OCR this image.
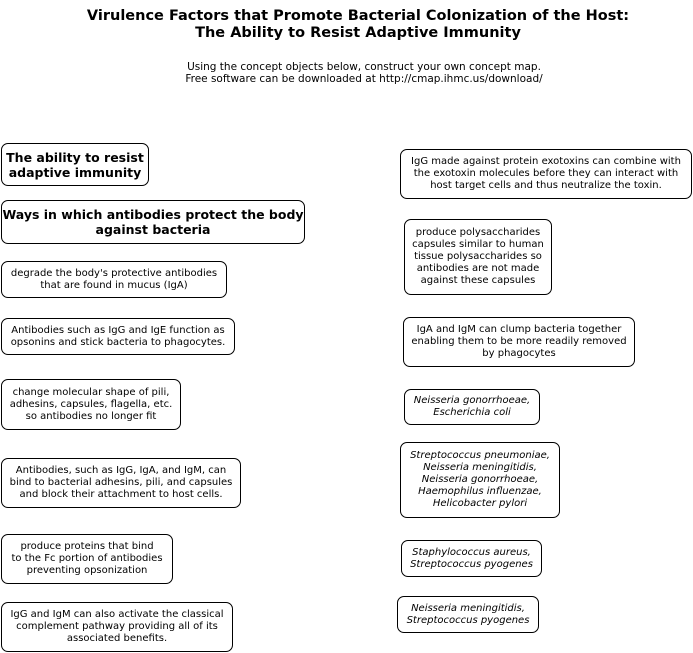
Virulence Factors that Promote Bacterial Colonization of the Host:
The Ability to Resist Adaptive Immunity
Using the concept objects below, construct your own concept map.
Free software can be downloaded at http://cmap.ihmc.us/download/
The ability to resist
adaptive immunity
Ways in which antibodies protect the body
against bacteria
degrade the body's protective antibodies
that are found in mucus (IgA)
Antibodies such as IgG and IgE function as
opsonins and stick bacteria to phagocytes.
change molecular shape of pili,
adhesins, capsules, flagella, etc.
so antibodies no longer fit
Antibodies, such as IgG, IgA, and IgM, can
bind to bacterial adhesins, pili, and capsules
and block their attachment to host cells.
produce proteins that bind
to the Fc portion of antibodies
preventing opsonization
IgG and IgM can also activate the classical
complement pathway providing all of its
associated benefits.
IgG made against protein exotoxins can combine with
the exotoxin molecules before they can interact with
host target cells and thus neutralize the toxin.
produce polysaccharides
capsules similar to human
tissue polysaccharides so
antibodies are not made
against these capsules
IgA and IgM can clump bacteria together
enabling them to be more readily removed
by phagocytes
Neisseria gonorrhoeae,
Escherichia coli
Streptococcus pneumoniae,
Neisseria meningitidis,
Neisseria gonorrhoeae,
Haemophilus influenzae,
Helicobacter pylori
Staphylococcus aureus,
Streptococcus pyogenes
Neisseria meningitidis,
Streptococcus pyogenes
